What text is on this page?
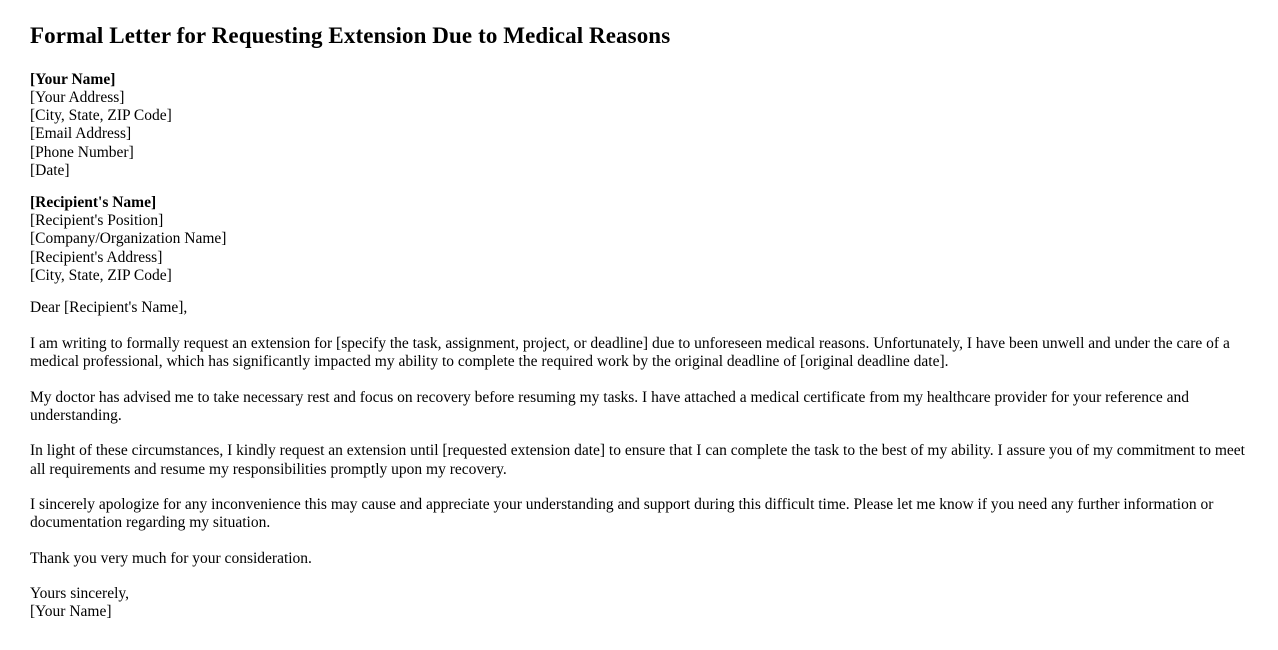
Formal Letter for Requesting Extension Due to Medical Reasons
[Your Name]
[Your Address]
[City, State, ZIP Code]
[Email Address]
[Phone Number]
[Date]
[Recipient's Name]
[Recipient's Position]
[Company/Organization Name]
[Recipient's Address]
[City, State, ZIP Code]
Dear [Recipient's Name],

I am writing to formally request an extension for [specify the task, assignment, project, or deadline] due to unforeseen medical reasons. Unfortunately, I have been unwell and under the care of a medical professional, which has significantly impacted my ability to complete the required work by the original deadline of [original deadline date].

My doctor has advised me to take necessary rest and focus on recovery before resuming my tasks. I have attached a medical certificate from my healthcare provider for your reference and understanding.

In light of these circumstances, I kindly request an extension until [requested extension date] to ensure that I can complete the task to the best of my ability. I assure you of my commitment to meet all requirements and resume my responsibilities promptly upon my recovery.

I sincerely apologize for any inconvenience this may cause and appreciate your understanding and support during this difficult time. Please let me know if you need any further information or documentation regarding my situation.

Thank you very much for your consideration.

Yours sincerely,
[Your Name]
